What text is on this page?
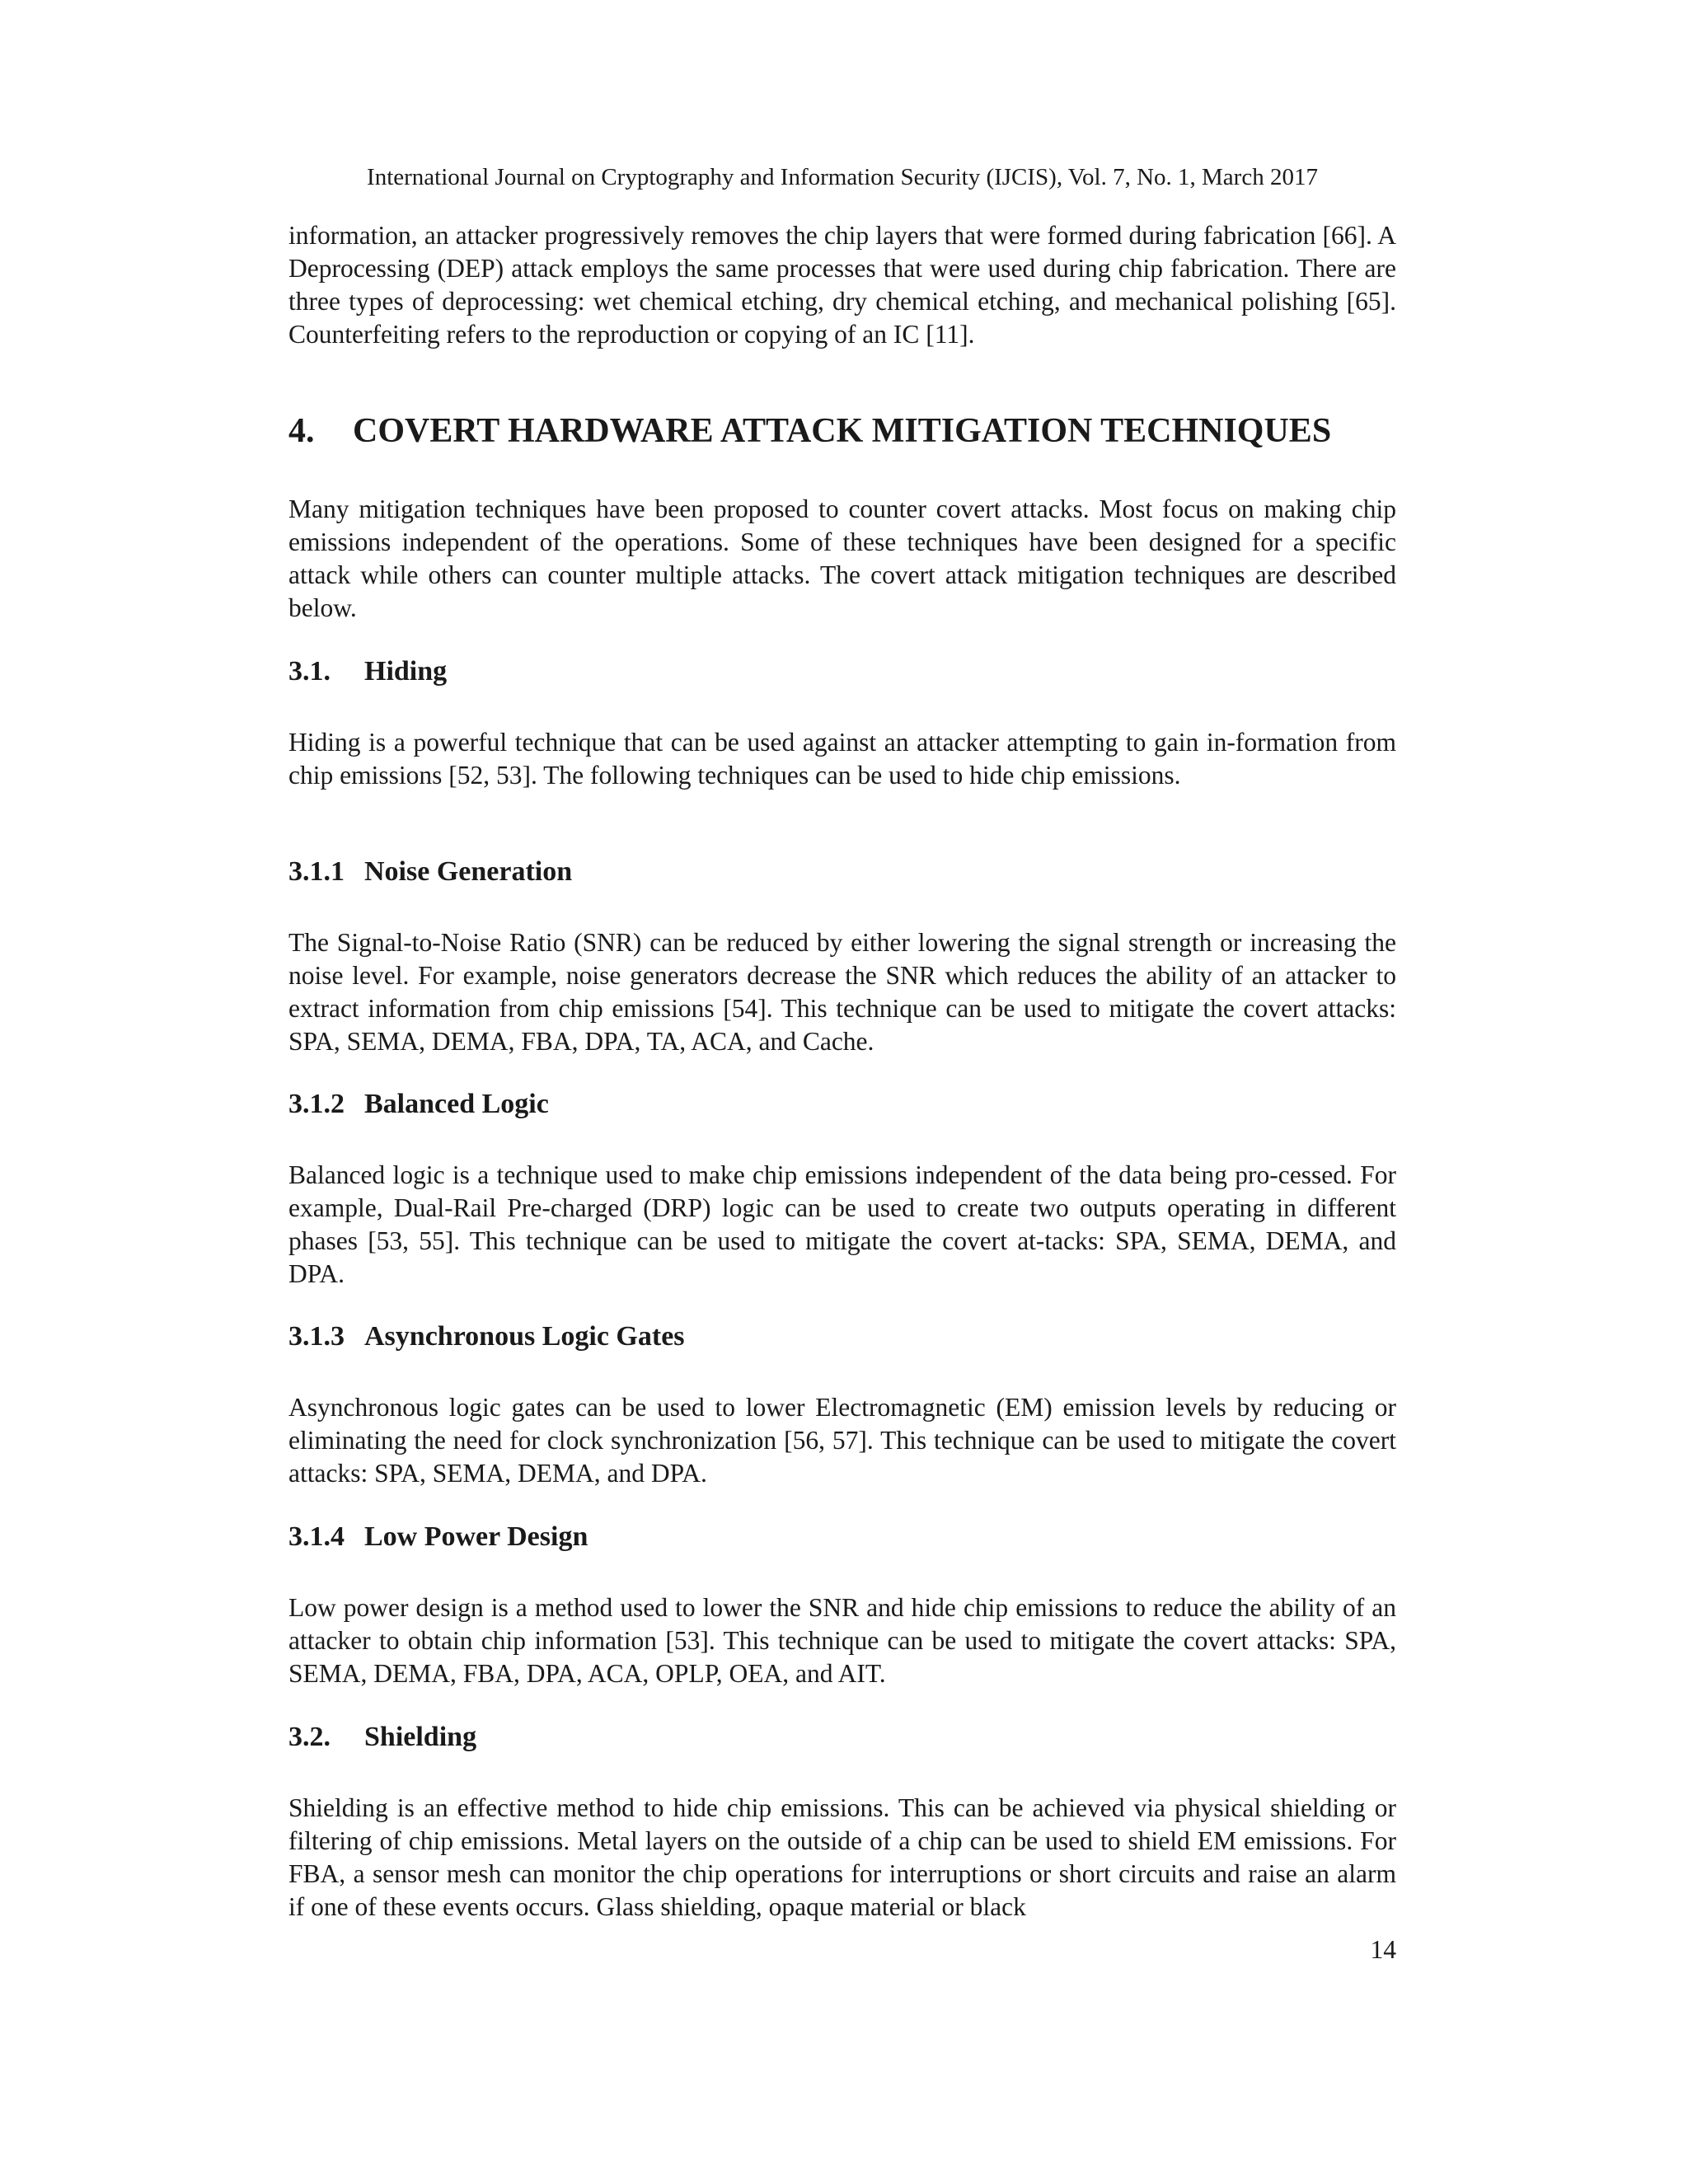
International Journal on Cryptography and Information Security (IJCIS), Vol. 7, No. 1, March 2017

information, an attacker progressively removes the chip layers that were formed during fabrication [66]. A Deprocessing (DEP) attack employs the same processes that were used during chip fabrication. There are three types of deprocessing: wet chemical etching, dry chemical etching, and mechanical polishing [65]. Counterfeiting refers to the reproduction or copying of an IC [11].

4. COVERT HARDWARE ATTACK MITIGATION TECHNIQUES

Many mitigation techniques have been proposed to counter covert attacks. Most focus on making chip emissions independent of the operations. Some of these techniques have been designed for a specific attack while others can counter multiple attacks. The covert attack mitigation techniques are described below.

3.1. Hiding

Hiding is a powerful technique that can be used against an attacker attempting to gain in-formation from chip emissions [52, 53]. The following techniques can be used to hide chip emissions.

3.1.1 Noise Generation

The Signal-to-Noise Ratio (SNR) can be reduced by either lowering the signal strength or increasing the noise level. For example, noise generators decrease the SNR which reduces the ability of an attacker to extract information from chip emissions [54]. This technique can be used to mitigate the covert attacks: SPA, SEMA, DEMA, FBA, DPA, TA, ACA, and Cache.

3.1.2 Balanced Logic

Balanced logic is a technique used to make chip emissions independent of the data being pro-cessed. For example, Dual-Rail Pre-charged (DRP) logic can be used to create two outputs operating in different phases [53, 55]. This technique can be used to mitigate the covert at-tacks: SPA, SEMA, DEMA, and DPA.

3.1.3 Asynchronous Logic Gates

Asynchronous logic gates can be used to lower Electromagnetic (EM) emission levels by reducing or eliminating the need for clock synchronization [56, 57]. This technique can be used to mitigate the covert attacks: SPA, SEMA, DEMA, and DPA.

3.1.4 Low Power Design

Low power design is a method used to lower the SNR and hide chip emissions to reduce the ability of an attacker to obtain chip information [53]. This technique can be used to mitigate the covert attacks: SPA, SEMA, DEMA, FBA, DPA, ACA, OPLP, OEA, and AIT.

3.2. Shielding

Shielding is an effective method to hide chip emissions. This can be achieved via physical shielding or filtering of chip emissions. Metal layers on the outside of a chip can be used to shield EM emissions. For FBA, a sensor mesh can monitor the chip operations for interruptions or short circuits and raise an alarm if one of these events occurs. Glass shielding, opaque material or black

14
